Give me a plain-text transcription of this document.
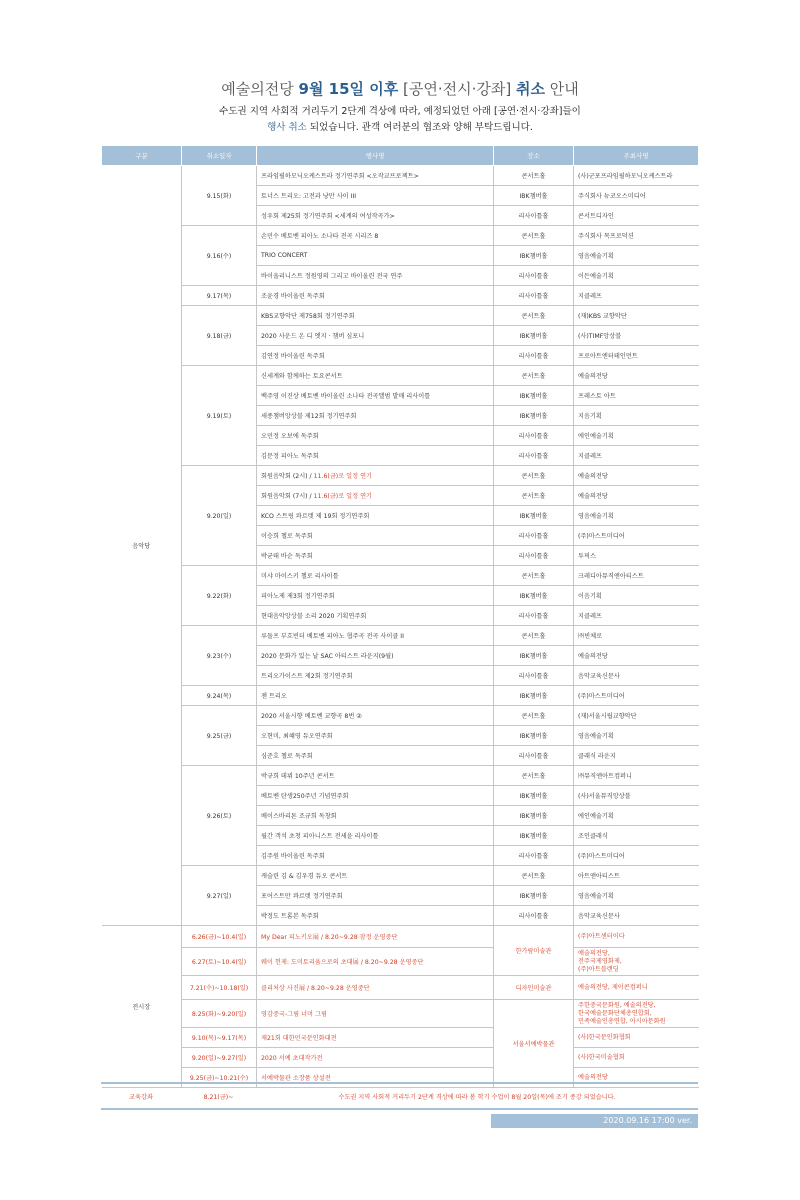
예술의전당 9월 15일 이후 [공연·전시·강좌] 취소 안내
수도권 지역 사회적 거리두기 2단계 격상에 따라, 예정되었던 아래 [공연·전시·강좌]들이
행사 취소 되었습니다. 관객 여러분의 협조와 양해 부탁드립니다.
구분	취소일자	행사명	장소	주최사명
음악당	9.15(화)	프라임필하모닉오케스트라 정기연주회 <오작교프로젝트>	콘서트홀	(사)군포프라임필하모닉오케스트라
		토너스 트리오: 고전과 낭만 사이 III	IBK챔버홀	주식회사 뉴코오스미디어
		성우회 제25회 정기연주회 <세계의 여성작곡가>	리사이틀홀	콘서트디자인
	9.16(수)	손민수 베토벤 피아노 소나타 전곡 시리즈 8	콘서트홀	주식회사 목프로덕션
		TRIO CONCERT	IBK챔버홀	영음예술기획
		바이올리니스트 정원영의 그리고 바이올린 전국 연주	리사이틀홀	이든예술기획
	9.17(목)	조윤경 바이올린 독주회	리사이틀홀	지클레프
	9.18(금)	KBS교향악단 제758회 정기연주회	콘서트홀	(재)KBS 교향악단
		2020 사운드 온 디 엣지 · 챔버 심포니	IBK챔버홀	(사)TIMF앙상블
		김연정 바이올린 독주회	리사이틀홀	프로아트엔터테인먼트
	9.19(토)	신세계와 함께하는 토요콘서트	콘서트홀	예술의전당
		백주영 이진상 베토벤 바이올린 소나타 전곡앨범 발매 리사이틀	IBK챔버홀	프레스토 아트
		세종챔버앙상블 제12회 정기연주회	IBK챔버홀	지음기획
		오민정 오보에 독주회	리사이틀홀	에인예술기획
		김문정 피아노 독주회	리사이틀홀	지클레프
	9.20(일)	회원음악회 (2시) / 11.6(금)로 일정 연기	콘서트홀	예술의전당
		회원음악회 (7시) / 11.6(금)로 일정 연기	콘서트홀	예술의전당
		KCO 스트링 콰르텟 제 19회 정기연주회	IBK챔버홀	영음예술기획
		이승희 첼로 독주회	리사이틀홀	(주)마스트미디어
		박균태 바순 독주회	리사이틀홀	투픽스
	9.22(화)	미샤 마이스키 첼로 리사이틀	콘서트홀	크레디아뮤직앤아티스트
		피아노제 제3회 정기연주회	IBK챔버홀	이음기획
		현대음악앙상블 소리 2020 기획연주회	리사이틀홀	지클레프
	9.23(수)	루돌프 부흐빈더 베토벤 피아노 협주곡 전곡 사이클 II	콘서트홀	㈜빈체로
		2020 문화가 있는 날 SAC 아티스트 라운지(9월)	IBK챔버홀	예술의전당
		트리오가이스트 제2회 정기연주회	리사이틀홀	음악교육신문사
	9.24(목)	젠 트리오	IBK챔버홀	(주)마스트미디어
	9.25(금)	2020 서울시향 베토벤 교향곡 8번 ②	콘서트홀	(재)서울시립교향악단
		오현미, 최혜영 듀오연주회	IBK챔버홀	영음예술기획
		심준호 첼로 독주회	리사이틀홀	클래식 라운지
	9.26(토)	박규희 데뷔 10주년 콘서트	콘서트홀	㈜뮤직앤아트컴퍼니
		베토벤 탄생250주년 기념연주회	IBK챔버홀	(사)서울뮤직앙상블
		베이스바리톤 조규희 독창회	IBK챔버홀	에인예술기획
		월간 객석 초청 피아니스트 전세윤 리사이틀	IBK챔버홀	조인클래식
		김주원 바이올린 독주회	리사이틀홀	(주)마스트미디어
	9.27(일)	캐슬린 김 & 김우경 듀오 콘서트	콘서트홀	아트앤아티스트
		포어스트만 콰르텟 정기연주회	IBK챔버홀	영음예술기획
		박정도 트롬본 독주회	리사이틀홀	음악교육신문사
전시장	6.26(금)~10.4(일)	My Dear 피노키오展 / 8.20~9.28 잠정 운영중단	한가람미술관	(주)아트센터이다
	6.27(토)~10.4(일)	웨이 헌제: 도미토리움으로의 초대展 / 8.20~9.28 운영중단		예술의전당,
전주국제영화제,
(주)아트블랜딩

	7.21(수)~10.18(일)	클리처상 사진展 / 8.20~9.28 운영중단	디자인미술관	예술의전당, 제이콘컴퍼니
	8.25(화)~9.20(일)	영감중국-그림 너머 그림	서울서예박물관	주한중국문화원, 예술의전당,
한국예술문화단체총연합회,
민족예술인총연합, 아시아문화원

	9.10(목)~9.17(목)	제21회 대한민국문인화대전		(사)한국문인화협회
	9.20(일)~9.27(일)	2020 서예 초대작가전		(사)한국미술협회
	9.25(금)~10.21(수)	서예박물관 소장품 상설전		예술의전당
교육강좌	8.21(금)~	수도권 지역 사회적 거리두기 2단계 격상에 따라 봄 학기 수업이 8월 20일(목)에 조기 종강 되었습니다.
2020.09.16 17:00 ver.
